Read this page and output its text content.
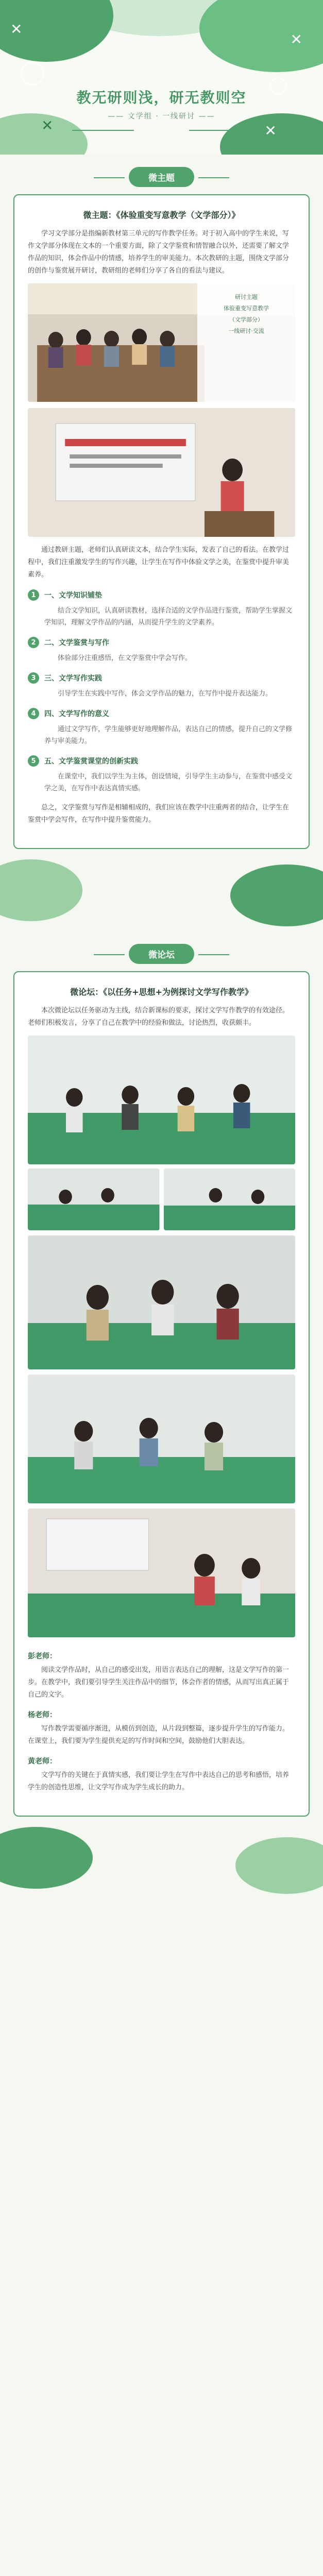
✕
✕
✕	✕
教无研则浅，研无教则空
—— 文学组 · 一线研讨 ——
微主题
微主题：《体验重变写意教学（文学部分）》

学习文学部分是指编新教材第三单元的写作教学任务。对于初入高中的学生来说，写作文学部分体现在文本的一个重要方面，除了文学鉴赏和情智融合以外，还需要了解文学作品的知识，体会作品中的情感，培养学生的审美能力。本次教研的主题，围绕文学部分的创作与鉴赏展开研讨，教研组的老师们分享了各自的看法与建议。

研讨主题
体验重变写意教学
（文学部分）
一线研讨·交流

通过教研主题，老师们认真研读文本，结合学生实际，发表了自己的看法。在教学过程中，我们注重激发学生的写作兴趣，让学生在写作中体验文学之美，在鉴赏中提升审美素养。

1	一、文学知识铺垫

结合文学知识，认真研读教材，选择合适的文学作品进行鉴赏，帮助学生掌握文学知识，理解文学作品的内涵，从而提升学生的文学素养。

2	二、文学鉴赏与写作

体验部分注重感悟，在文学鉴赏中学会写作。

3	三、文学写作实践

引导学生在实践中写作，体会文学作品的魅力，在写作中提升表达能力。

4	四、文学写作的意义

通过文学写作，学生能够更好地理解作品，表达自己的情感，提升自己的文学修养与审美能力。

5	五、文学鉴赏课堂的创新实践

在课堂中，我们以学生为主体，创设情境，引导学生主动参与，在鉴赏中感受文学之美，在写作中表达真情实感。

总之，文学鉴赏与写作是相辅相成的，我们应该在教学中注重两者的结合，让学生在鉴赏中学会写作，在写作中提升鉴赏能力。

微论坛
微论坛：《以任务+思想+为例探讨文学写作教学》

本次微论坛以任务驱动为主线，结合新课标的要求，探讨文学写作教学的有效途径。老师们积极发言，分享了自己在教学中的经验和做法，讨论热烈，收获颇丰。

彭老师：

阅读文学作品时，从自己的感受出发，用语言表达自己的理解，这是文学写作的第一步。在教学中，我们要引导学生关注作品中的细节，体会作者的情感，从而写出真正属于自己的文字。

杨老师：

写作教学需要循序渐进，从模仿到创造，从片段到整篇，逐步提升学生的写作能力。在课堂上，我们要为学生提供充足的写作时间和空间，鼓励他们大胆表达。

黄老师：

文学写作的关键在于真情实感，我们要让学生在写作中表达自己的思考和感悟，培养学生的创造性思维，让文学写作成为学生成长的助力。
